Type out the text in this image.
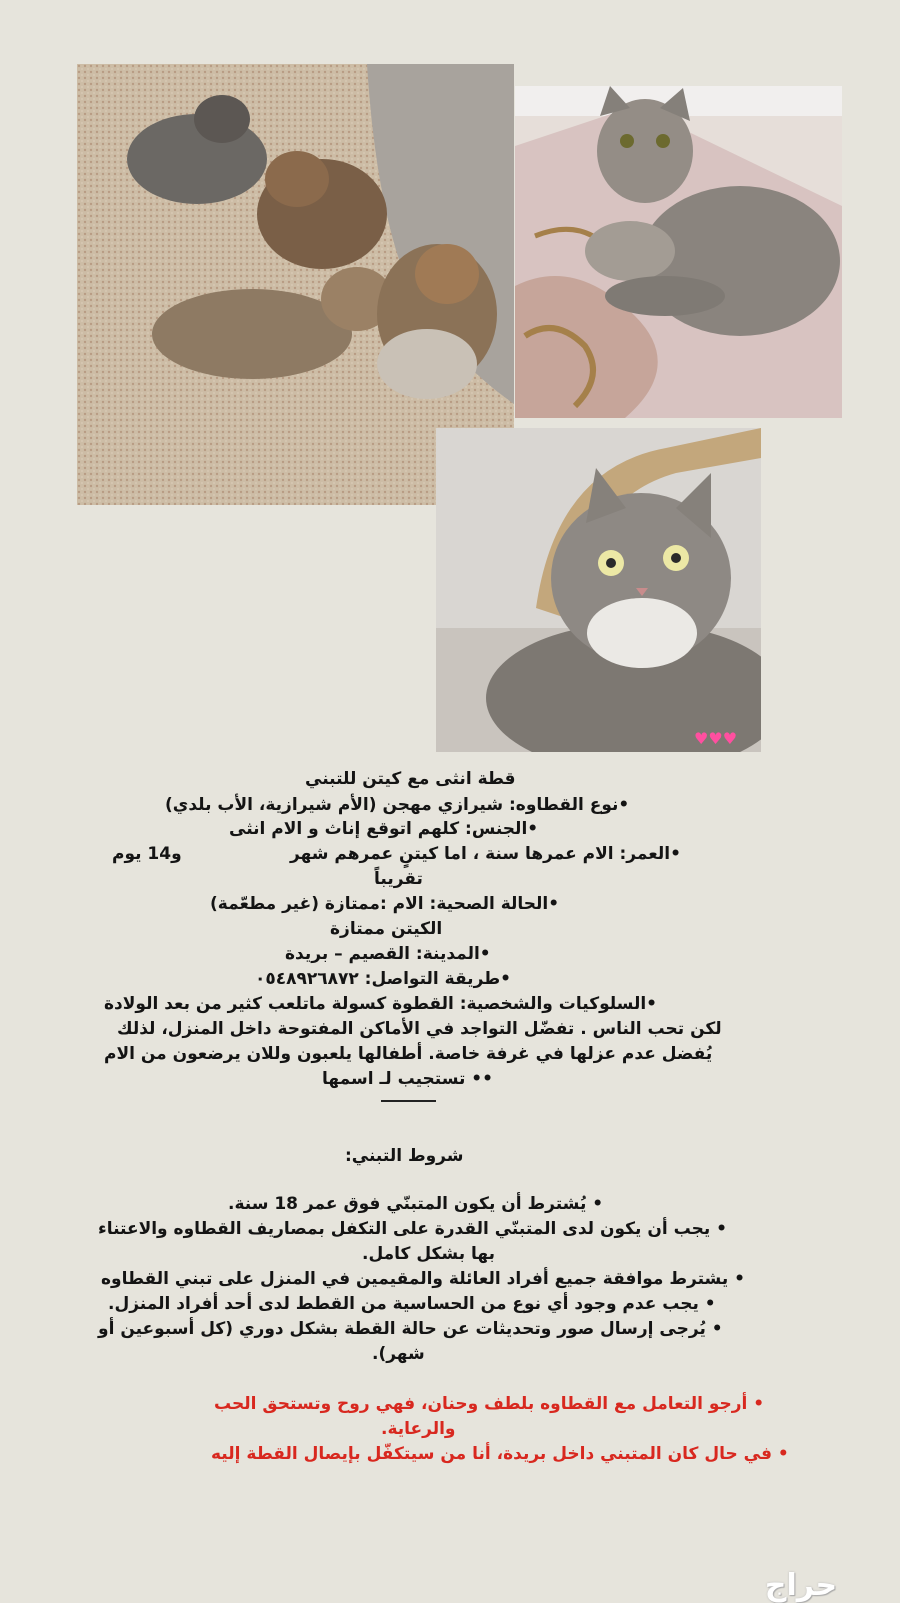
♥♥♥
قطة انثى مع كيتن للتبني
•نوع القطاوه: شيرازي مهجن (الأم شيرازية، الأب بلدي)
•الجنس: كلهم اتوقع إناث و الام انثى
•العمر: الام عمرها سنة ، اما كيتنٍ عمرهم شهر
و14 يوم
تقريباً
•الحالة الصحية: الام :ممتازة (غير مطعّمة)
الكيتن ممتازة
•المدينة: القصيم – بريدة
•طريقة التواصل: ٠٥٤٨٩٢٦٨٧٢
•السلوكيات والشخصية: القطوة كسولة ماتلعب كثير من بعد الولادة
لكن تحب الناس . تفضّل التواجد في الأماكن المفتوحة داخل المنزل، لذلك
يُفضل عدم عزلها في غرفة خاصة. أطفالها يلعبون وللان يرضعون من الام
•• تستجيب لـ اسمها
شروط التبني:
• يُشترط أن يكون المتبنّي فوق عمر 18 سنة.
• يجب أن يكون لدى المتبنّي القدرة على التكفل بمصاريف القطاوه والاعتناء
بها بشكل كامل.
• يشترط موافقة جميع أفراد العائلة والمقيمين في المنزل على تبني القطاوه
• يجب عدم وجود أي نوع من الحساسية من القطط لدى أحد أفراد المنزل.
• يُرجى إرسال صور وتحديثات عن حالة القطة بشكل دوري (كل أسبوعين أو
شهر).
• أرجو التعامل مع القطاوه بلطف وحنان، فهي روح وتستحق الحب
والرعاية.
• في حال كان المتبني داخل بريدة، أنا من سيتكفّل بإيصال القطة إليه
حراج
